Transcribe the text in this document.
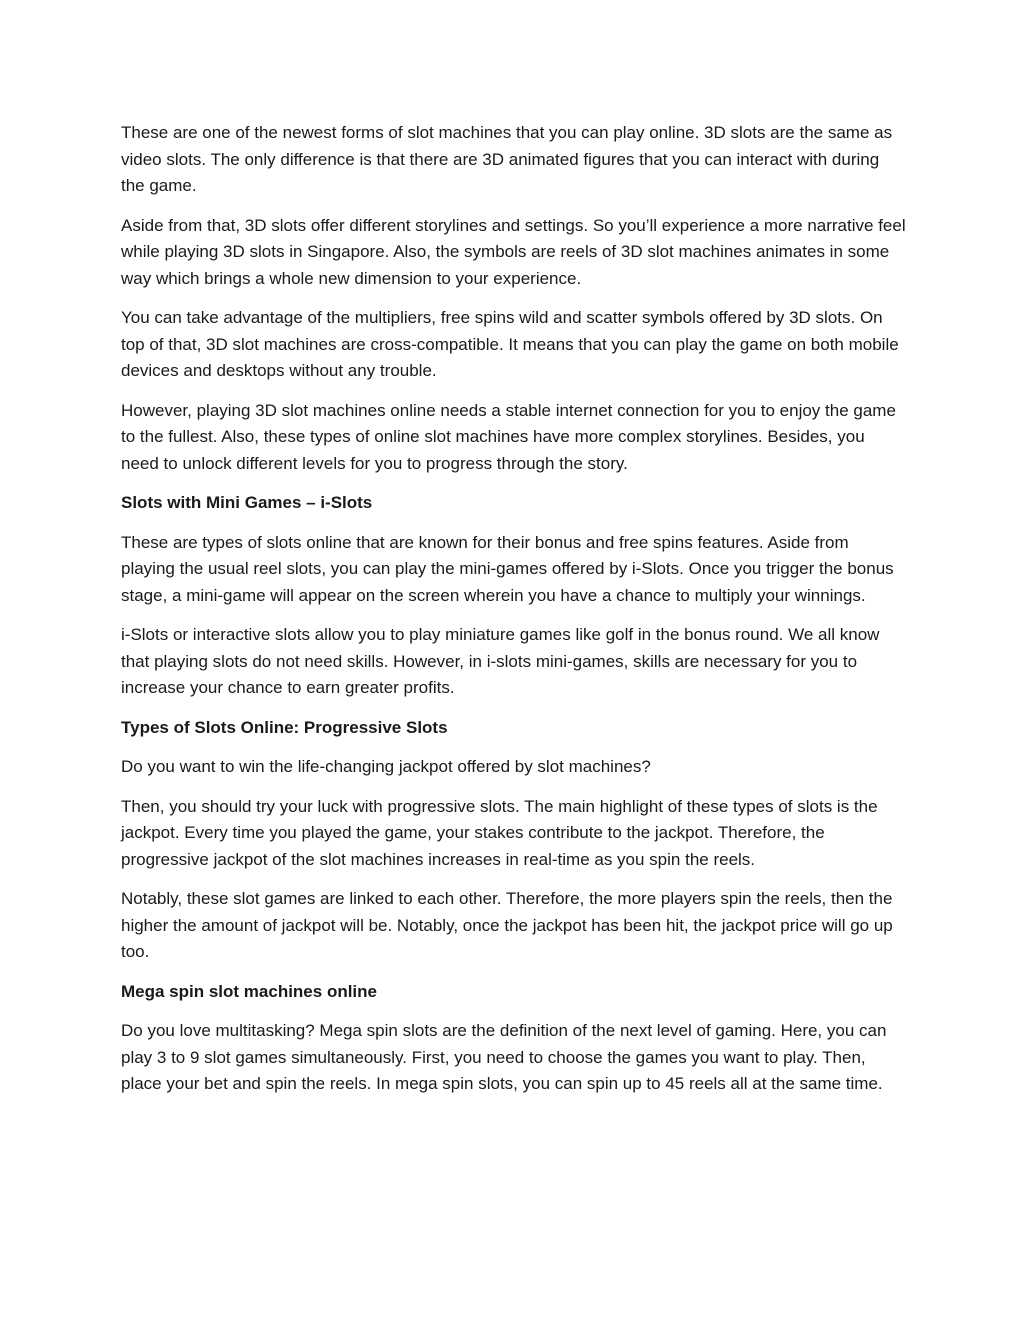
These are one of the newest forms of slot machines that you can play online. 3D slots are the same as video slots. The only difference is that there are 3D animated figures that you can interact with during the game.

Aside from that, 3D slots offer different storylines and settings. So you’ll experience a more narrative feel while playing 3D slots in Singapore. Also, the symbols are reels of 3D slot machines animates in some way which brings a whole new dimension to your experience.

You can take advantage of the multipliers, free spins wild and scatter symbols offered by 3D slots. On top of that, 3D slot machines are cross-compatible. It means that you can play the game on both mobile devices and desktops without any trouble.

However, playing 3D slot machines online needs a stable internet connection for you to enjoy the game to the fullest. Also, these types of online slot machines have more complex storylines. Besides, you need to unlock different levels for you to progress through the story.

Slots with Mini Games – i-Slots

These are types of slots online that are known for their bonus and free spins features. Aside from playing the usual reel slots, you can play the mini-games offered by i-Slots. Once you trigger the bonus stage, a mini-game will appear on the screen wherein you have a chance to multiply your winnings.

i-Slots or interactive slots allow you to play miniature games like golf in the bonus round. We all know that playing slots do not need skills. However, in i-slots mini-games, skills are necessary for you to increase your chance to earn greater profits.

Types of Slots Online: Progressive Slots

Do you want to win the life-changing jackpot offered by slot machines?

Then, you should try your luck with progressive slots. The main highlight of these types of slots is the jackpot. Every time you played the game, your stakes contribute to the jackpot. Therefore, the progressive jackpot of the slot machines increases in real-time as you spin the reels.

Notably, these slot games are linked to each other. Therefore, the more players spin the reels, then the higher the amount of jackpot will be. Notably, once the jackpot has been hit, the jackpot price will go up too.

Mega spin slot machines online

Do you love multitasking? Mega spin slots are the definition of the next level of gaming. Here, you can play 3 to 9 slot games simultaneously. First, you need to choose the games you want to play. Then, place your bet and spin the reels. In mega spin slots, you can spin up to 45 reels all at the same time.
